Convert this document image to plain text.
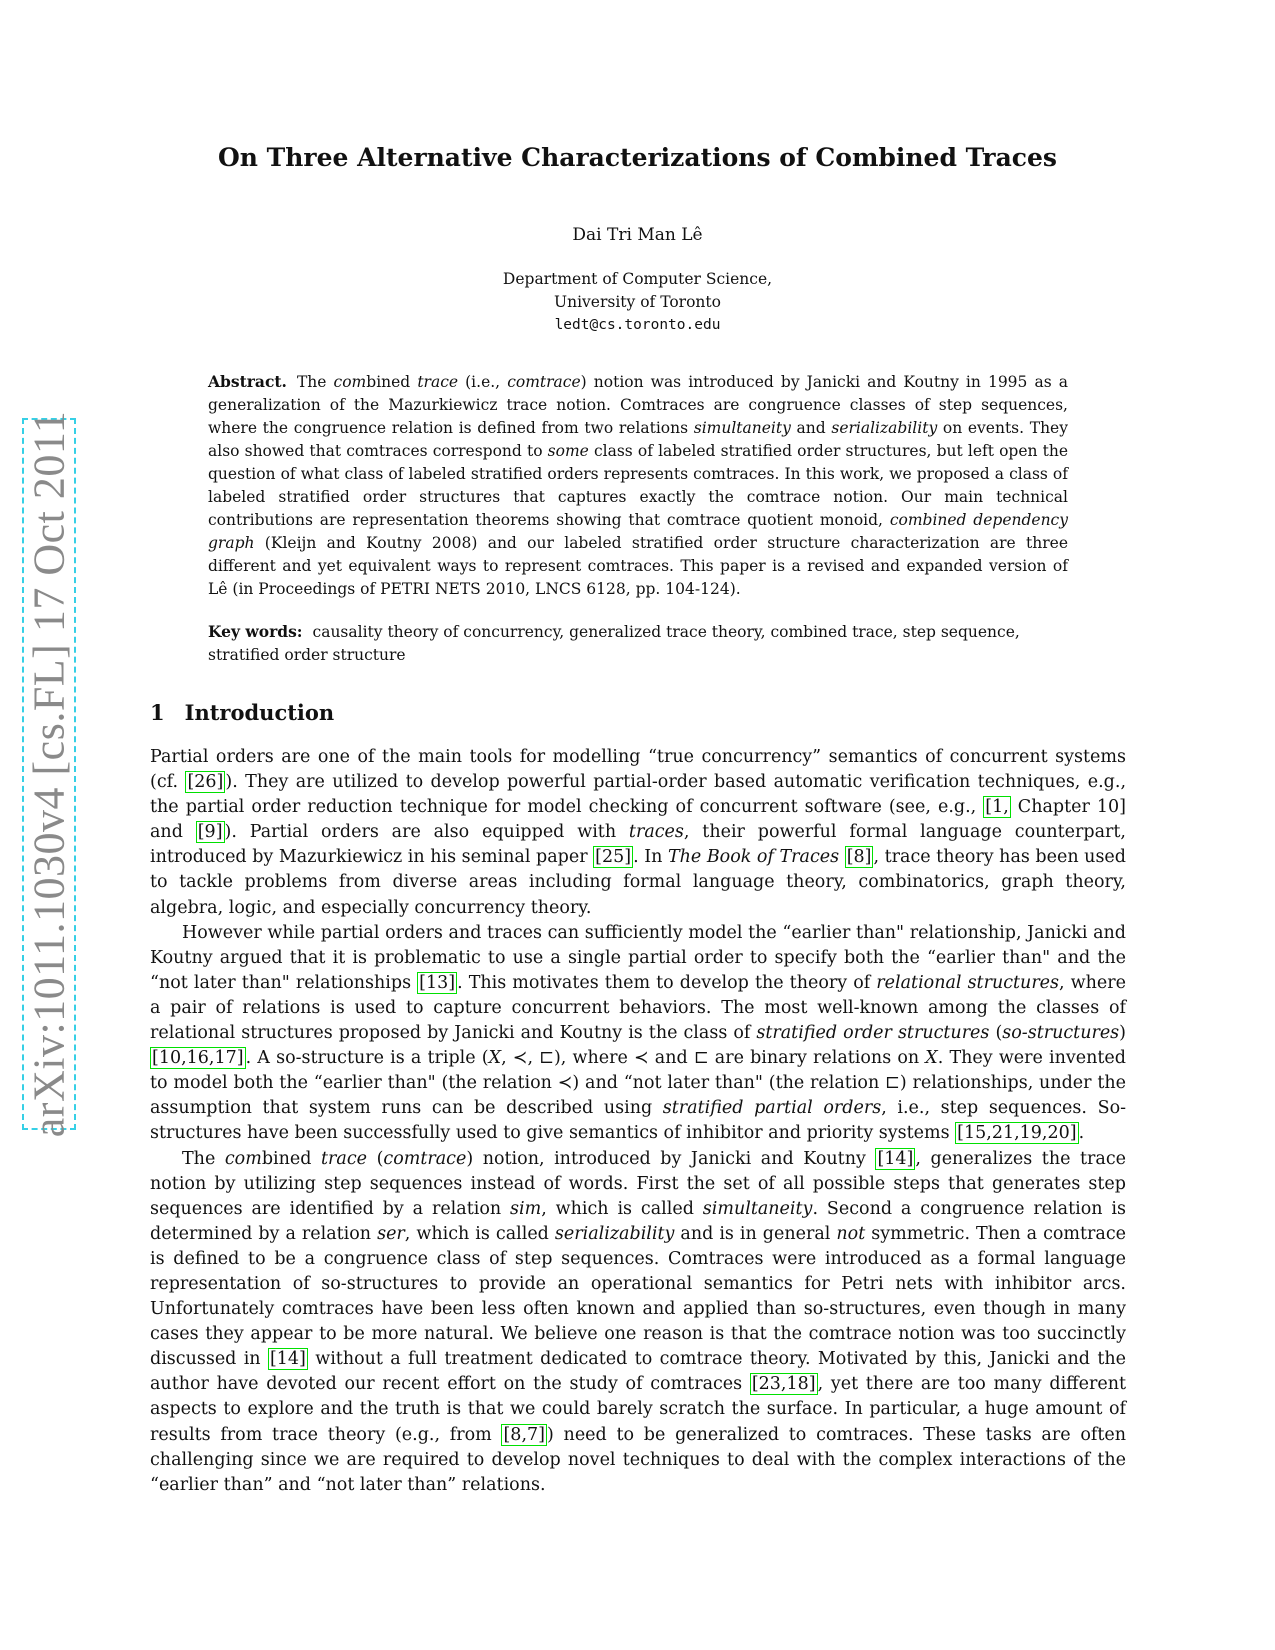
arXiv:1011.1030v4 [cs.FL] 17 Oct 2011
On Three Alternative Characterizations of Combined Traces
Dai Tri Man Lê
Department of Computer Science,
University of Toronto
ledt@cs.toronto.edu

Abstract. The combined trace (i.e., comtrace) notion was introduced by Janicki and Koutny in 1995 as a generalization of the Mazurkiewicz trace notion. Comtraces are congruence classes of step sequences, where the congruence relation is defined from two relations simultaneity and serializability on events. They also showed that comtraces correspond to some class of labeled stratified order structures, but left open the question of what class of labeled stratified orders represents comtraces. In this work, we proposed a class of labeled stratified order structures that captures exactly the comtrace notion. Our main technical contributions are representation theorems showing that comtrace quotient monoid, combined dependency graph (Kleijn and Koutny 2008) and our labeled stratified order structure characterization are three different and yet equivalent ways to represent comtraces. This paper is a revised and expanded version of Lê (in Proceedings of PETRI NETS 2010, LNCS 6128, pp. 104-124).

Key words: causality theory of concurrency, generalized trace theory, combined trace, step sequence, stratified order structure

1 Introduction

Partial orders are one of the main tools for modelling “true concurrency” semantics of concurrent systems (cf. [26] ). They are utilized to develop powerful partial-order based automatic verification techniques, e.g., the partial order reduction technique for model checking of concurrent software (see, e.g., [1, Chapter 10] and [9] ). Partial orders are also equipped with traces, their powerful formal language counterpart, introduced by Mazurkiewicz in his seminal paper [25] . In The Book of Traces [8] , trace theory has been used to tackle problems from diverse areas including formal language theory, combinatorics, graph theory, algebra, logic, and especially concurrency theory.

However while partial orders and traces can sufficiently model the “earlier than" relationship, Janicki and Koutny argued that it is problematic to use a single partial order to specify both the “earlier than" and the “not later than" relationships [13] . This motivates them to develop the theory of relational structures, where a pair of relations is used to capture concurrent behaviors. The most well-known among the classes of relational structures proposed by Janicki and Koutny is the class of stratified order structures (so-structures) [10,16,17] . A so-structure is a triple (X, ≺, ⊏), where ≺ and ⊏ are binary relations on X. They were invented to model both the “earlier than" (the relation ≺) and “not later than" (the relation ⊏) relationships, under the assumption that system runs can be described using stratified partial orders, i.e., step sequences. So-structures have been successfully used to give semantics of inhibitor and priority systems [15,21,19,20] .

The combined trace (comtrace) notion, introduced by Janicki and Koutny [14] , generalizes the trace notion by utilizing step sequences instead of words. First the set of all possible steps that generates step sequences are identified by a relation sim, which is called simultaneity. Second a congruence relation is determined by a relation ser, which is called serializability and is in general not symmetric. Then a comtrace is defined to be a congruence class of step sequences. Comtraces were introduced as a formal language representation of so-structures to provide an operational semantics for Petri nets with inhibitor arcs. Unfortunately comtraces have been less often known and applied than so-structures, even though in many cases they appear to be more natural. We believe one reason is that the comtrace notion was too succinctly discussed in [14] without a full treatment dedicated to comtrace theory. Motivated by this, Janicki and the author have devoted our recent effort on the study of comtraces [23,18] , yet there are too many different aspects to explore and the truth is that we could barely scratch the surface. In particular, a huge amount of results from trace theory (e.g., from [8,7] ) need to be generalized to comtraces. These tasks are often challenging since we are required to develop novel techniques to deal with the complex interactions of the “earlier than” and “not later than” relations.
